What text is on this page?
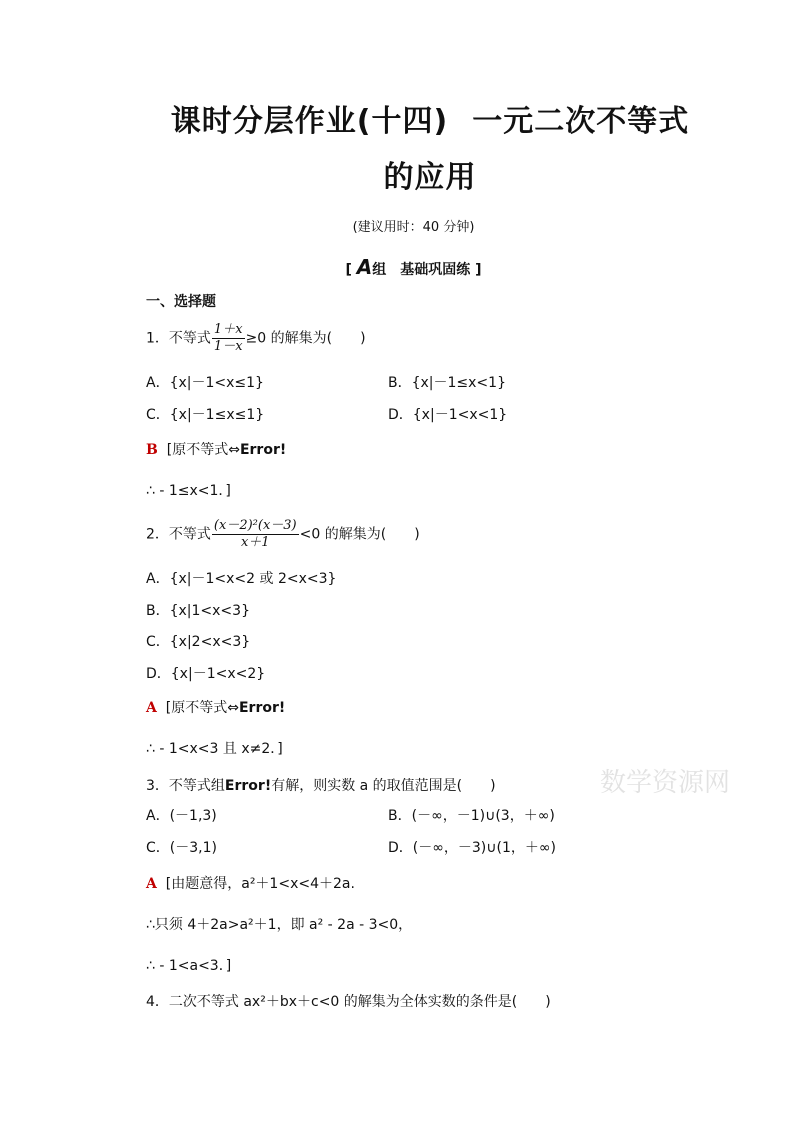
课时分层作业(十四) 一元二次不等式
的应用
(建议用时：40 分钟)
[ A组　基础巩固练 ]
一、选择题
1．不等式 $\frac{1+x}{1-x} \ge 0$ 的解集为(　　)
A．{x|－1<x≤1}	B．{x|－1≤x<1}
C．{x|－1≤x≤1}	D．{x|－1<x<1}
B [原不等式⇔Error!
∴ - 1≤x<1．]
2．不等式 $\frac{\text{(x－2)²(x－3)}}{x+1} <0$ 的解集为(　　)
A．{x|－1<x<2 或 2<x<3}
B．{x|1<x<3}
C．{x|2<x<3}
D．{x|－1<x<2}
A [原不等式⇔Error!
∴ - 1<x<3 且 x≠2．]
3．不等式组Error!有解，则实数 a 的取值范围是(　　)
A．(－1,3)	B．(－∞，－1)∪(3，＋∞)
C．(－3,1)	D．(－∞，－3)∪(1，＋∞)
A [由题意得，a²＋1<x<4＋2a.
∴只须 4＋2a>a²＋1，即 a² - 2a - 3<0，
∴ - 1<a<3．]
4．二次不等式 ax²＋bx＋c<0 的解集为全体实数的条件是(　　)
数学资源网
